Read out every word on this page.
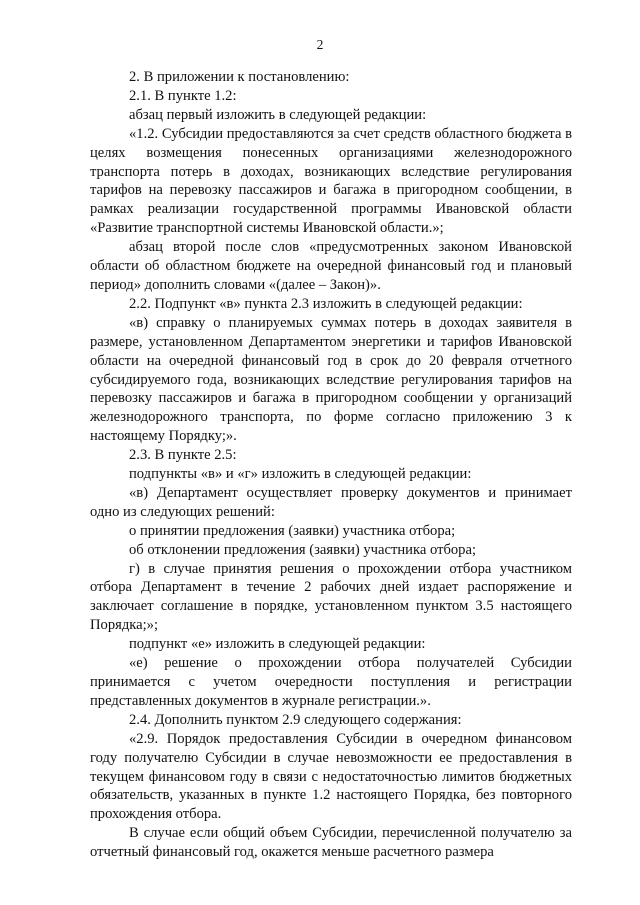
2

2. В приложении к постановлению:

2.1. В пункте 1.2:

абзац первый изложить в следующей редакции:

«1.2. Субсидии предоставляются за счет средств областного бюджета в целях возмещения понесенных организациями железнодорожного транспорта потерь в доходах, возникающих вследствие регулирования тарифов на перевозку пассажиров и багажа в пригородном сообщении, в рамках реализации государственной программы Ивановской области «Развитие транспортной системы Ивановской области.»;

абзац второй после слов «предусмотренных законом Ивановской области об областном бюджете на очередной финансовый год и плановый период» дополнить словами «(далее – Закон)».

2.2. Подпункт «в» пункта 2.3 изложить в следующей редакции:

«в) справку о планируемых суммах потерь в доходах заявителя в размере, установленном Департаментом энергетики и тарифов Ивановской области на очередной финансовый год в срок до 20 февраля отчетного субсидируемого года, возникающих вследствие регулирования тарифов на перевозку пассажиров и багажа в пригородном сообщении у организаций железнодорожного транспорта, по форме согласно приложению 3 к настоящему Порядку;».

2.3. В пункте 2.5:

подпункты «в» и «г» изложить в следующей редакции:

«в) Департамент осуществляет проверку документов и принимает одно из следующих решений:

о принятии предложения (заявки) участника отбора;

об отклонении предложения (заявки) участника отбора;

г) в случае принятия решения о прохождении отбора участником отбора Департамент в течение 2 рабочих дней издает распоряжение и заключает соглашение в порядке, установленном пунктом 3.5 настоящего Порядка;»;

подпункт «е» изложить в следующей редакции:

«е) решение о прохождении отбора получателей Субсидии принимается с учетом очередности поступления и регистрации представленных документов в журнале регистрации.».

2.4. Дополнить пунктом 2.9 следующего содержания:

«2.9. Порядок предоставления Субсидии в очередном финансовом году получателю Субсидии в случае невозможности ее предоставления в текущем финансовом году в связи с недостаточностью лимитов бюджетных обязательств, указанных в пункте 1.2 настоящего Порядка, без повторного прохождения отбора.

В случае если общий объем Субсидии, перечисленной получателю за отчетный финансовый год, окажется меньше расчетного размера
